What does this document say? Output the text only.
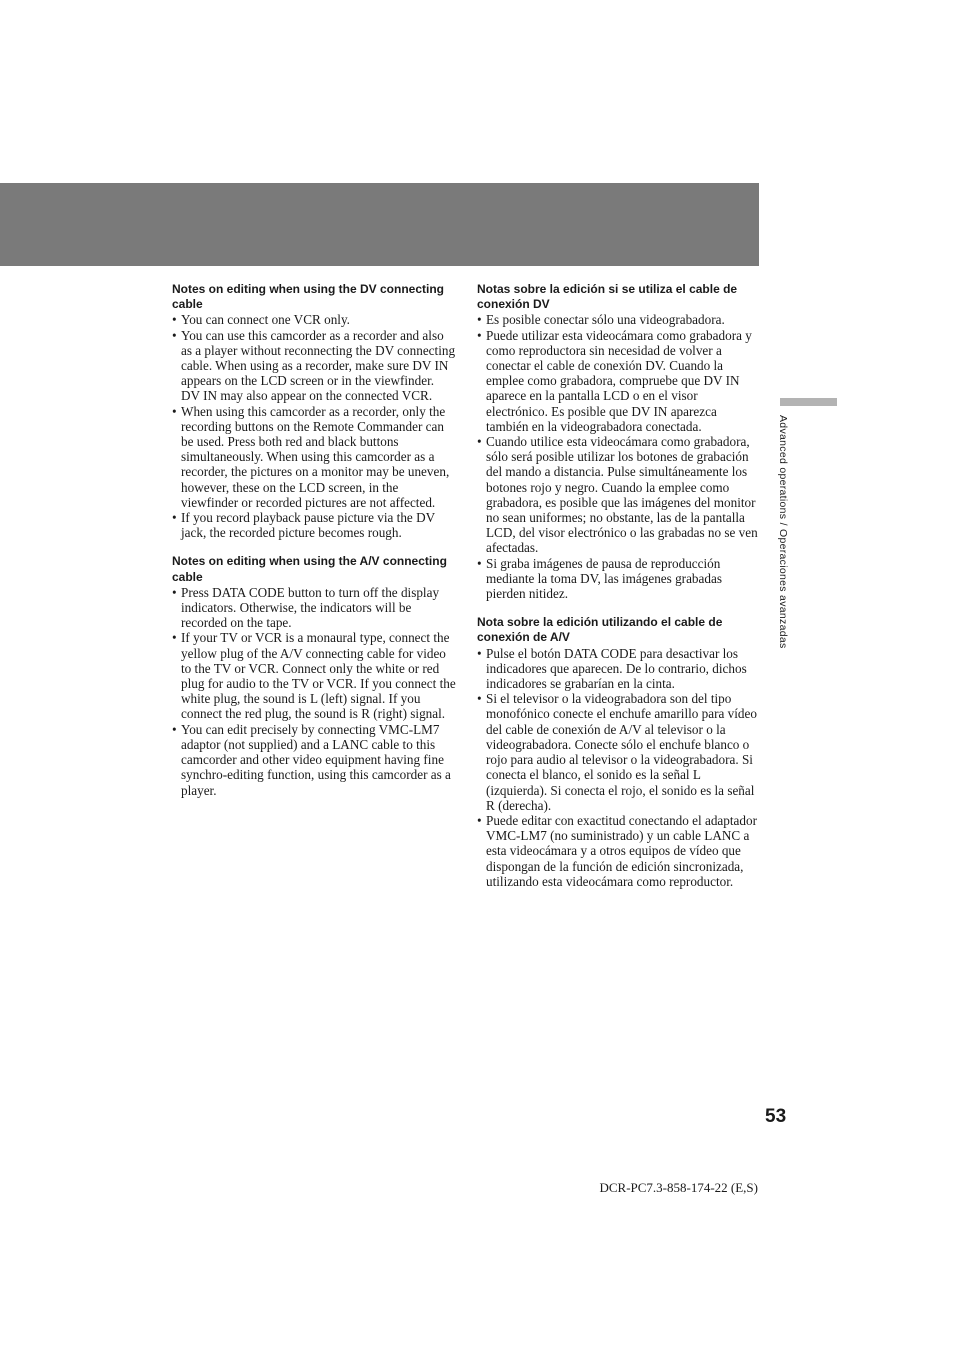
Advanced operations / Operaciones avanzadas

Notes on editing when using the DV connecting cable

• You can connect one VCR only.
• You can use this camcorder as a recorder and also as a player without reconnecting the DV connecting cable. When using as a recorder, make sure DV IN appears on the LCD screen or in the viewfinder. DV IN may also appear on the connected VCR.
• When using this camcorder as a recorder, only the recording buttons on the Remote Commander can be used. Press both red and black buttons simultaneously. When using this camcorder as a recorder, the pictures on a monitor may be uneven, however, these on the LCD screen, in the viewfinder or recorded pictures are not affected.
• If you record playback pause picture via the DV jack, the recorded picture becomes rough.

Notes on editing when using the A/V connecting cable

• Press DATA CODE button to turn off the display indicators. Otherwise, the indicators will be recorded on the tape.
• If your TV or VCR is a monaural type, connect the yellow plug of the A/V connecting cable for video to the TV or VCR. Connect only the white or red plug for audio to the TV or VCR. If you connect the white plug, the sound is L (left) signal. If you connect the red plug, the sound is R (right) signal.
• You can edit precisely by connecting VMC-LM7 adaptor (not supplied) and a LANC cable to this camcorder and other video equipment having fine synchro-editing function, using this camcorder as a player.

Notas sobre la edición si se utiliza el cable de conexión DV

• Es posible conectar sólo una videograbadora.
• Puede utilizar esta videocámara como grabadora y como reproductora sin necesidad de volver a conectar el cable de conexión DV. Cuando la emplee como grabadora, compruebe que DV IN aparece en la pantalla LCD o en el visor electrónico. Es posible que DV IN aparezca también en la videograbadora conectada.
• Cuando utilice esta videocámara como grabadora, sólo será posible utilizar los botones de grabación del mando a distancia. Pulse simultáneamente los botones rojo y negro. Cuando la emplee como grabadora, es posible que las imágenes del monitor no sean uniformes; no obstante, las de la pantalla LCD, del visor electrónico o las grabadas no se ven afectadas.
• Si graba imágenes de pausa de reproducción mediante la toma DV, las imágenes grabadas pierden nitidez.

Nota sobre la edición utilizando el cable de conexión de A/V

• Pulse el botón DATA CODE para desactivar los indicadores que aparecen. De lo contrario, dichos indicadores se grabarían en la cinta.
• Si el televisor o la videograbadora son del tipo monofónico conecte el enchufe amarillo para vídeo del cable de conexión de A/V al televisor o la videograbadora. Conecte sólo el enchufe blanco o rojo para audio al televisor o la videograbadora. Si conecta el blanco, el sonido es la señal L (izquierda). Si conecta el rojo, el sonido es la señal R (derecha).
• Puede editar con exactitud conectando el adaptador VMC-LM7 (no suministrado) y un cable LANC a esta videocámara y a otros equipos de vídeo que dispongan de la función de edición sincronizada, utilizando esta videocámara como reproductor.
53
DCR-PC7.3-858-174-22 (E,S)
